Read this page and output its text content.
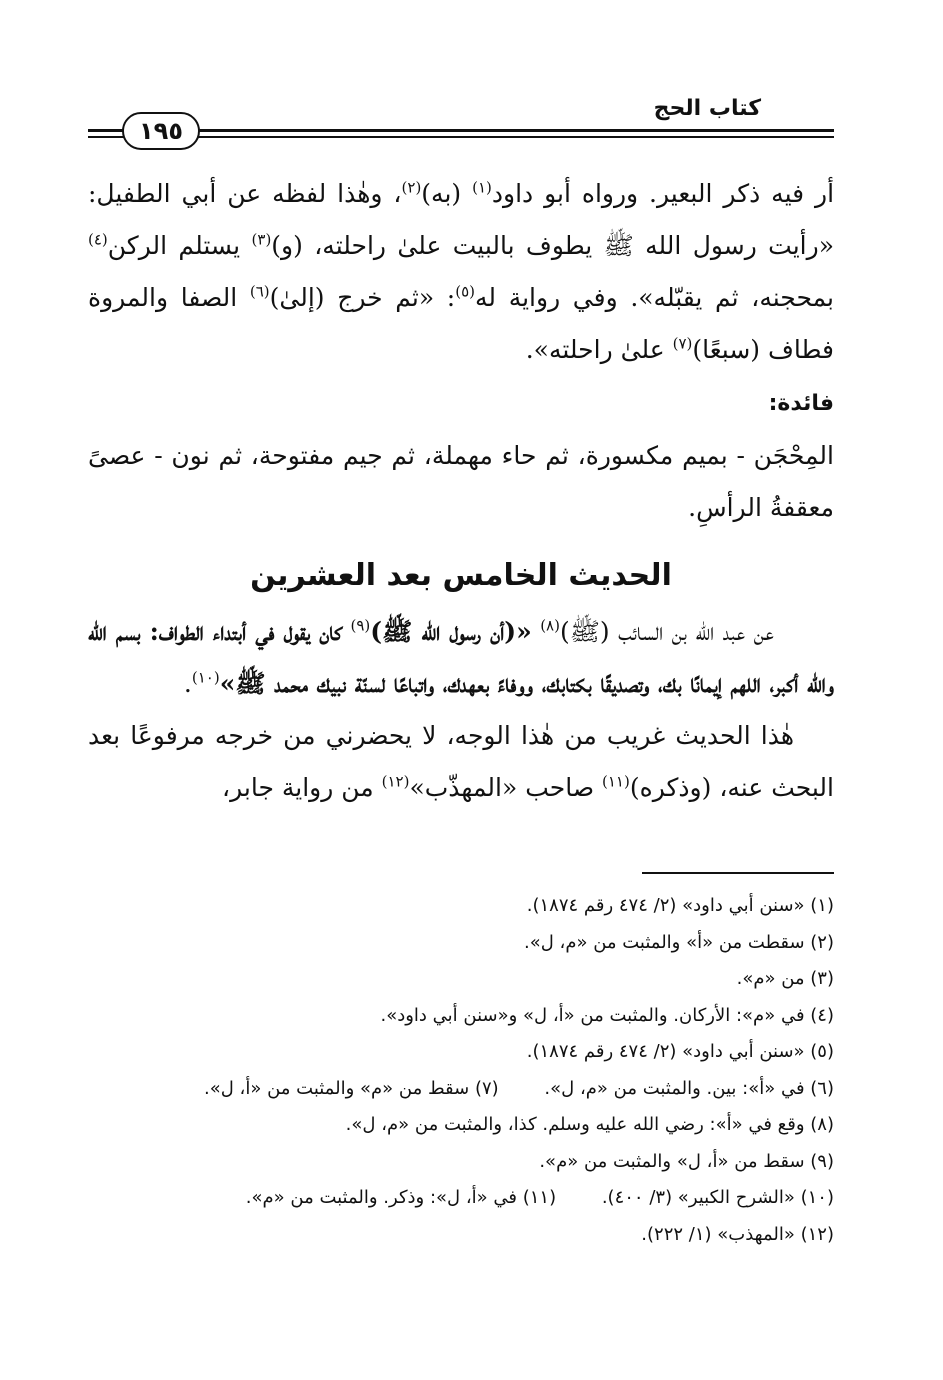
١٩٥
كتاب الحج

أر فيه ذكر البعير. ورواه أبو داود$^{(١)}$ (به)$^{(٢)}$، وهٰذا لفظه عن أبي الطفيل: «رأيت رسول الله ﷺ يطوف بالبيت علىٰ راحلته، (و)$^{(٣)}$ يستلم الركن$^{(٤)}$ بمحجنه، ثم يقبّله». وفي رواية له$^{(٥)}$: «ثم خرج (إلىٰ)$^{(٦)}$ الصفا والمروة فطاف (سبعًا)$^{(٧)}$ علىٰ راحلته».

فائدة:

المِحْجَن - بميم مكسورة، ثم حاء مهملة، ثم جيم مفتوحة، ثم نون - عصىً معقفةُ الرأسِ.

الحديث الخامس بعد العشرين

عن عبد الله بن السائب (ﷺ)$^{(٨)}$ «(أن رسول الله ﷺ)$^{(٩)}$ كان يقول في أبتداء الطواف: بسم الله والله أكبر، اللهم إيمانًا بك، وتصديقًا بكتابك، ووفاءً بعهدك، واتباعًا لسنّة نبيك محمد ﷺ»$^{(١٠)}$.

هٰذا الحديث غريب من هٰذا الوجه، لا يحضرني من خرجه مرفوعًا بعد البحث عنه، (وذكره)$^{(١١)}$ صاحب «المهذّب»$^{(١٢)}$ من رواية جابر،

(١) «سنن أبي داود» (٢/ ٤٧٤ رقم ١٨٧٤).

(٢) سقطت من «أ» والمثبت من «م، ل».

(٣) من «م».

(٤) في «م»: الأركان. والمثبت من «أ، ل» و«سنن أبي داود».

(٥) «سنن أبي داود» (٢/ ٤٧٤ رقم ١٨٧٤).

(٦) في «أ»: بين. والمثبت من «م، ل». (٧) سقط من «م» والمثبت من «أ، ل».

(٨) وقع في «أ»: رضي الله عليه وسلم. كذا، والمثبت من «م، ل».

(٩) سقط من «أ، ل» والمثبت من «م».

(١٠) «الشرح الكبير» (٣/ ٤٠٠). (١١) في «أ، ل»: وذكر. والمثبت من «م».

(١٢) «المهذب» (١/ ٢٢٢).
